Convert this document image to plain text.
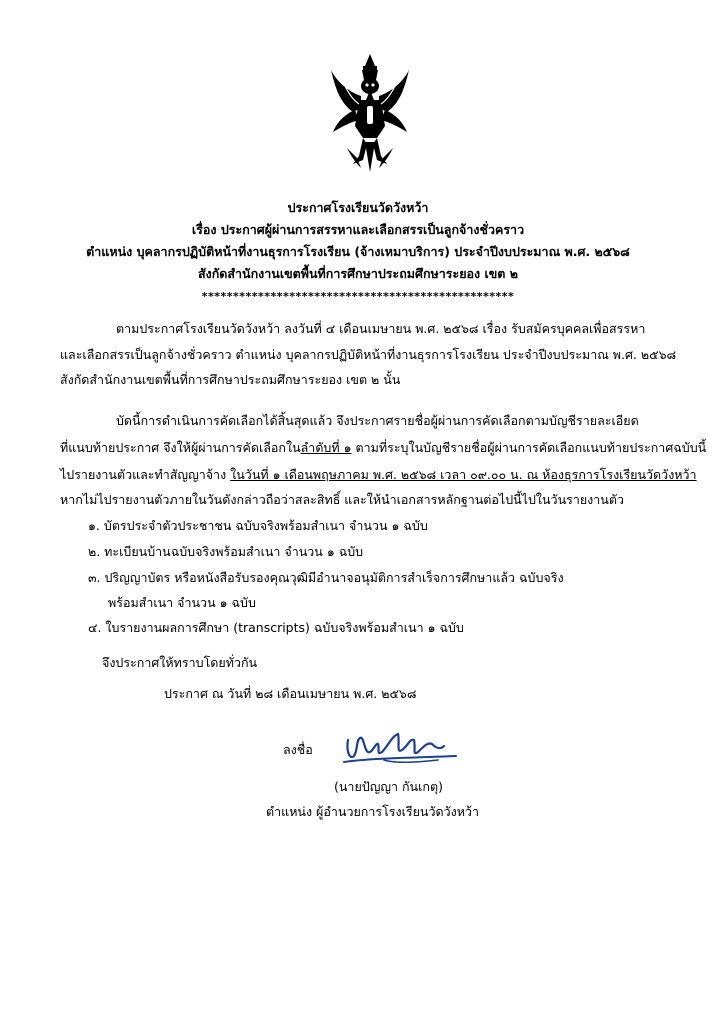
ประกาศโรงเรียนวัดวังหว้า
เรื่อง ประกาศผู้ผ่านการสรรหาและเลือกสรรเป็นลูกจ้างชั่วคราว
ตำแหน่ง บุคลากรปฏิบัติหน้าที่งานธุรการโรงเรียน (จ้างเหมาบริการ) ประจำปีงบประมาณ พ.ศ. ๒๕๖๘
สังกัดสำนักงานเขตพื้นที่การศึกษาประถมศึกษาระยอง เขต ๒
**************************************************
ตามประกาศโรงเรียนวัดวังหว้า ลงวันที่ ๔ เดือนเมษายน พ.ศ. ๒๕๖๘ เรื่อง รับสมัครบุคคลเพื่อสรรหา
และเลือกสรรเป็นลูกจ้างชั่วคราว ตำแหน่ง บุคลากรปฏิบัติหน้าที่งานธุรการโรงเรียน ประจำปีงบประมาณ พ.ศ. ๒๕๖๘
สังกัดสำนักงานเขตพื้นที่การศึกษาประถมศึกษาระยอง เขต ๒ นั้น
บัดนี้การดำเนินการคัดเลือกได้สิ้นสุดแล้ว จึงประกาศรายชื่อผู้ผ่านการคัดเลือกตามบัญชีรายละเอียด
ที่แนบท้ายประกาศ จึงให้ผู้ผ่านการคัดเลือกในลำดับที่ ๑ ตามที่ระบุในบัญชีรายชื่อผู้ผ่านการคัดเลือกแนบท้ายประกาศฉบับนี้
ไปรายงานตัวและทำสัญญาจ้าง ในวันที่ ๑ เดือนพฤษภาคม พ.ศ. ๒๕๖๘ เวลา ๐๙.๐๐ น. ณ ห้องธุรการโรงเรียนวัดวังหว้า
หากไม่ไปรายงานตัวภายในวันดังกล่าวถือว่าสละสิทธิ์ และให้นำเอกสารหลักฐานต่อไปนี้ไปในวันรายงานตัว
๑. บัตรประจำตัวประชาชน ฉบับจริงพร้อมสำเนา จำนวน ๑ ฉบับ
๒. ทะเบียนบ้านฉบับจริงพร้อมสำเนา จำนวน ๑ ฉบับ
๓. ปริญญาบัตร หรือหนังสือรับรองคุณวุฒิมีอำนาจอนุมัติการสำเร็จการศึกษาแล้ว ฉบับจริง
พร้อมสำเนา จำนวน ๑ ฉบับ
๔. ใบรายงานผลการศึกษา (transcripts) ฉบับจริงพร้อมสำเนา ๑ ฉบับ
จึงประกาศให้ทราบโดยทั่วกัน
ประกาศ ณ วันที่ ๒๘ เดือนเมษายน พ.ศ. ๒๕๖๘
ลงชื่อ
(นายปัญญา กันเกตุ)
ตำแหน่ง ผู้อำนวยการโรงเรียนวัดวังหว้า
